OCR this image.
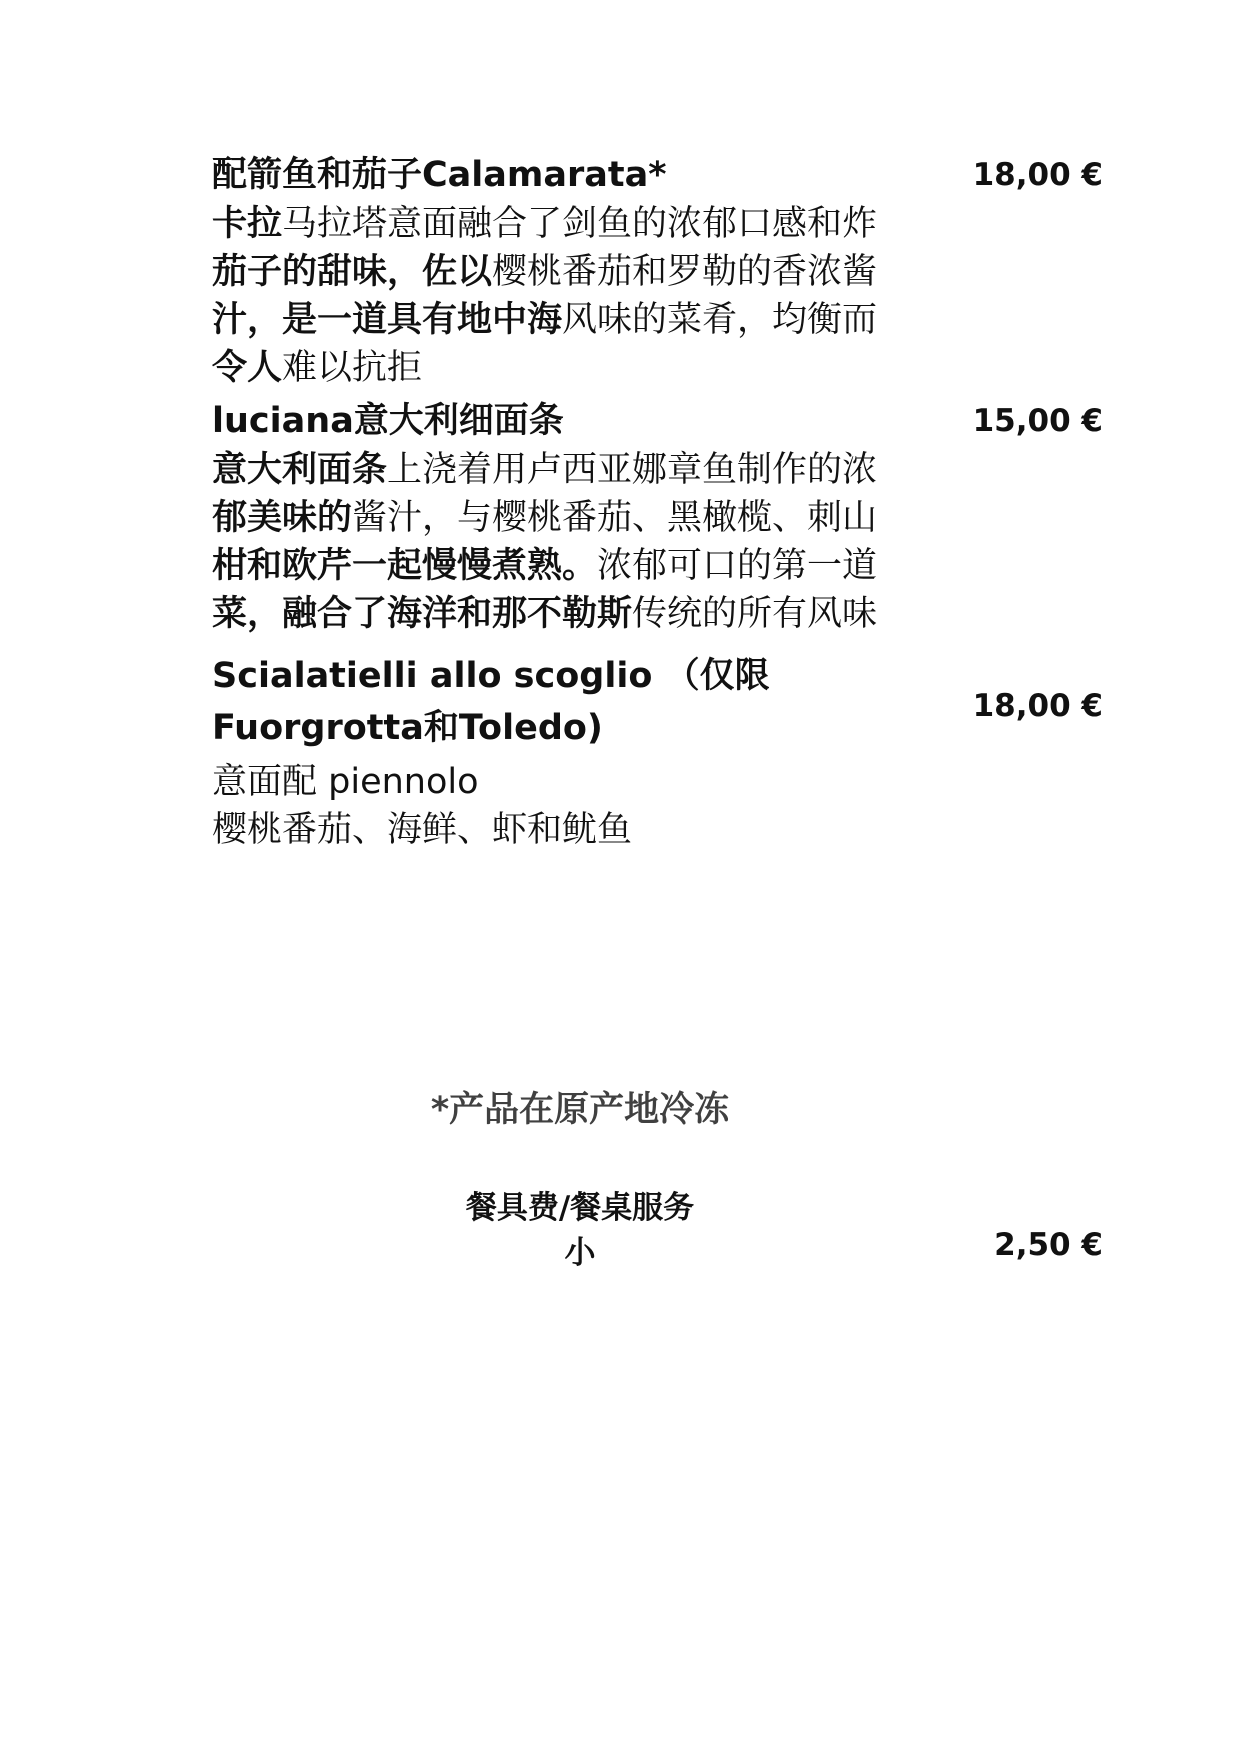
配箭鱼和茄子Calamarata*
卡拉马拉塔意面融合了剑鱼的浓郁口感和炸
茄子的甜味，佐以樱桃番茄和罗勒的香浓酱
汁，是一道具有地中海风味的菜肴，均衡而
令人难以抗拒
18,00 €
luciana意大利细面条
意大利面条上浇着用卢西亚娜章鱼制作的浓
郁美味的酱汁，与樱桃番茄、黑橄榄、刺山
柑和欧芹一起慢慢煮熟。浓郁可口的第一道
菜，融合了海洋和那不勒斯传统的所有风味
15,00 €
Scialatielli allo scoglio （仅限
Fuorgrotta和Toledo)
意面配 piennolo
樱桃番茄、海鲜、虾和鱿鱼
18,00 €
*产品在原产地冷冻
餐具费/餐桌服务
小	2,50 €
